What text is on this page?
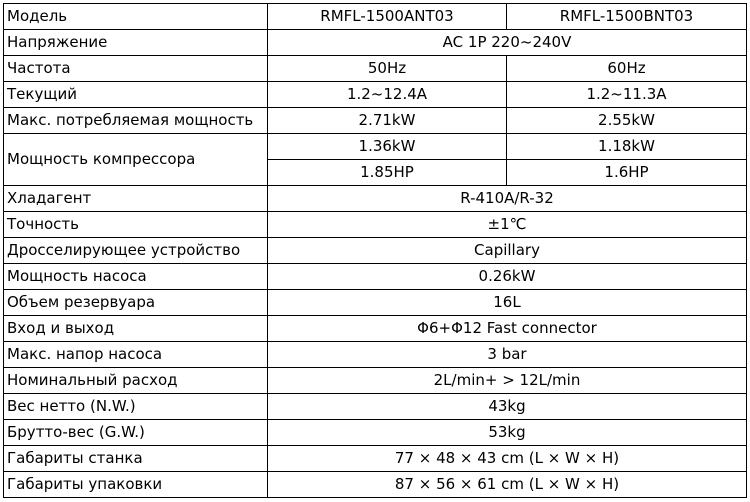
Модель	RMFL-1500ANT03	RMFL-1500BNT03
Напряжение	AC 1P 220~240V	
Частота	50Hz	60Hz
Текущий	1.2~12.4A	1.2~11.3A
Макс. потребляемая мощность	2.71kW	2.55kW
Мощность компрессора	1.36kW	1.18kW
	1.85HP	1.6HP
Хладагент	R-410A/R-32	
Точность	±1℃	
Дросселирующее устройство	Capillary	
Мощность насоса	0.26kW	
Объем резервуара	16L	
Вход и выход	Φ6+Φ12 Fast connector	
Макс. напор насоса	3 bar	
Номинальный расход	2L/min+ > 12L/min	
Вес нетто (N.W.)	43kg	
Брутто-вес (G.W.)	53kg	
Габариты станка	77 × 48 × 43 cm (L × W × H)	
Габариты упаковки	87 × 56 × 61 cm (L × W × H)	
